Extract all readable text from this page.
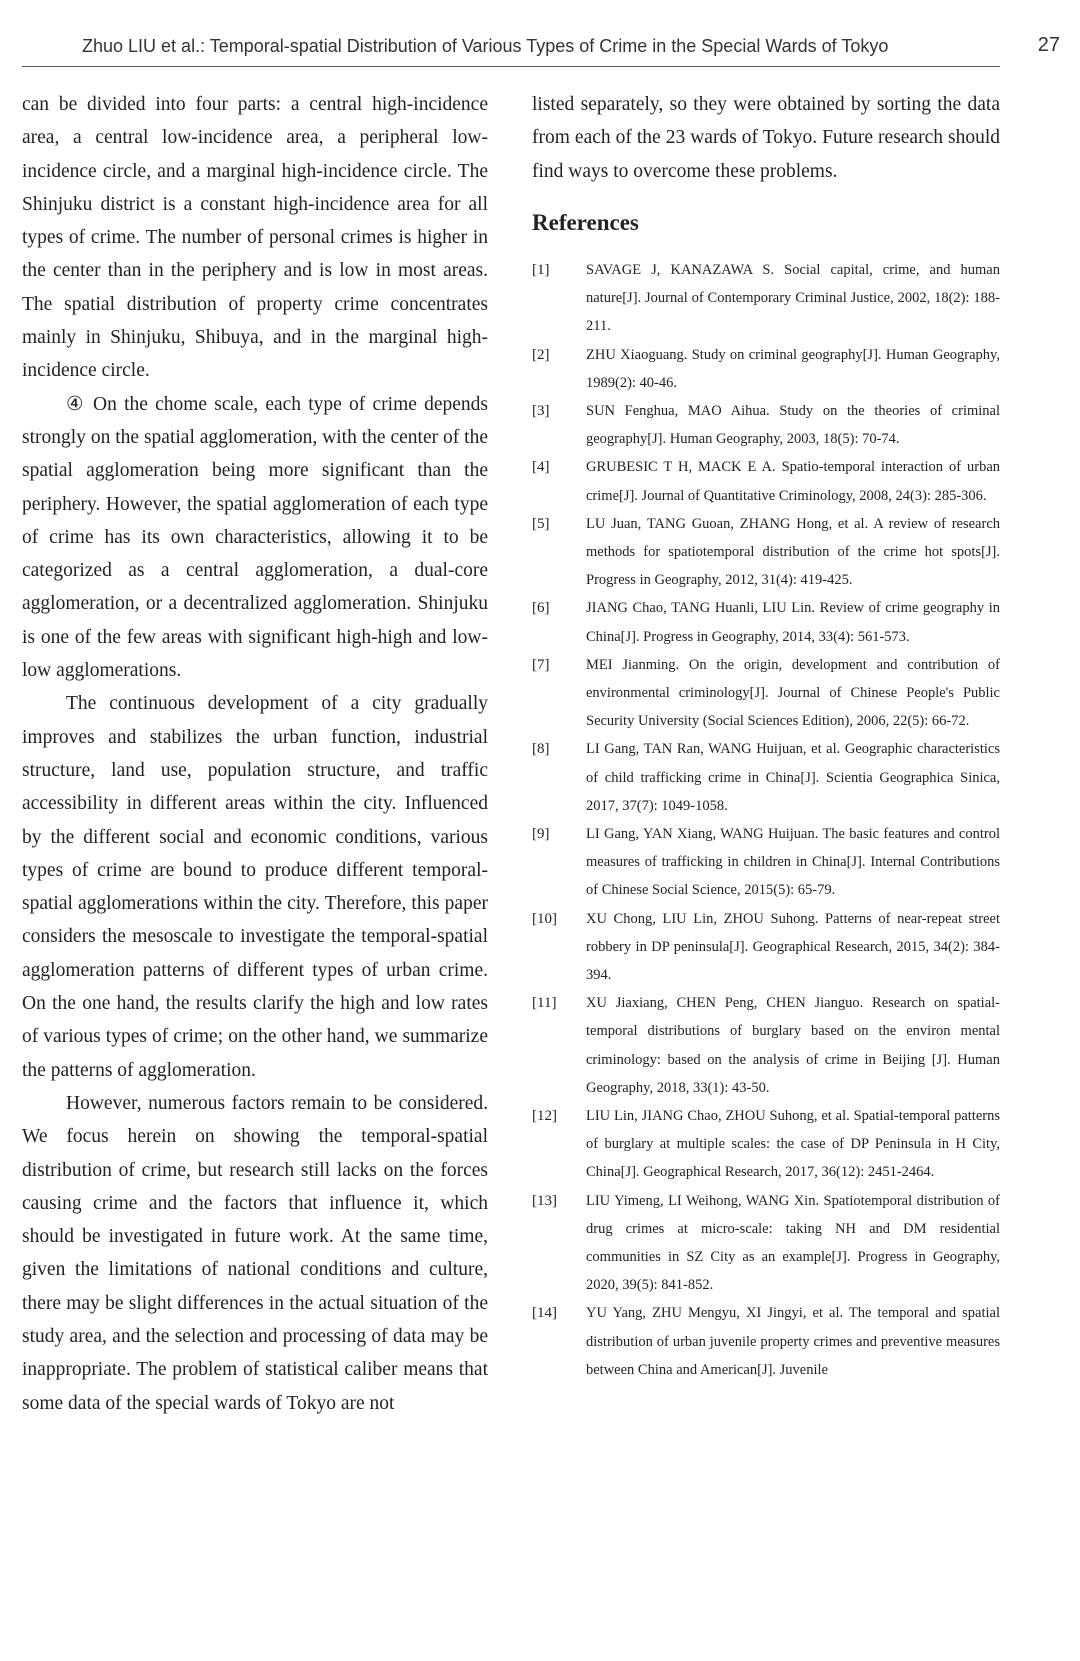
Zhuo LIU et al.: Temporal-spatial Distribution of Various Types of Crime in the Special Wards of Tokyo	27

can be divided into four parts: a central high-incidence area, a central low-incidence area, a peripheral low-incidence circle, and a marginal high-incidence circle. The Shinjuku district is a constant high-incidence area for all types of crime. The number of personal crimes is higher in the center than in the periphery and is low in most areas. The spatial distribution of property crime concentrates mainly in Shinjuku, Shibuya, and in the marginal high-incidence circle.

④ On the chome scale, each type of crime depends strongly on the spatial agglomeration, with the center of the spatial agglomeration being more significant than the periphery. However, the spatial agglomeration of each type of crime has its own characteristics, allowing it to be categorized as a central agglomeration, a dual-core agglomeration, or a decentralized agglomeration. Shinjuku is one of the few areas with significant high-high and low-low agglomerations.

The continuous development of a city gradually improves and stabilizes the urban function, industrial structure, land use, population structure, and traffic accessibility in different areas within the city. Influenced by the different social and economic conditions, various types of crime are bound to produce different temporal-spatial agglomerations within the city. Therefore, this paper considers the mesoscale to investigate the temporal-spatial agglomeration patterns of different types of urban crime. On the one hand, the results clarify the high and low rates of various types of crime; on the other hand, we summarize the patterns of agglomeration.

However, numerous factors remain to be considered. We focus herein on showing the temporal-spatial distribution of crime, but research still lacks on the forces causing crime and the factors that influence it, which should be investigated in future work. At the same time, given the limitations of national conditions and culture, there may be slight differences in the actual situation of the study area, and the selection and processing of data may be inappropriate. The problem of statistical caliber means that some data of the special wards of Tokyo are not

listed separately, so they were obtained by sorting the data from each of the 23 wards of Tokyo. Future research should find ways to overcome these problems.

References
[1]	SAVAGE J, KANAZAWA S. Social capital, crime, and human nature[J]. Journal of Contemporary Criminal Justice, 2002, 18(2): 188-211.
[2]	ZHU Xiaoguang. Study on criminal geography[J]. Human Geography, 1989(2): 40-46.
[3]	SUN Fenghua, MAO Aihua. Study on the theories of criminal geography[J]. Human Geography, 2003, 18(5): 70-74.
[4]	GRUBESIC T H, MACK E A. Spatio-temporal interaction of urban crime[J]. Journal of Quantitative Criminology, 2008, 24(3): 285-306.
[5]	LU Juan, TANG Guoan, ZHANG Hong, et al. A review of research methods for spatiotemporal distribution of the crime hot spots[J]. Progress in Geography, 2012, 31(4): 419-425.
[6]	JIANG Chao, TANG Huanli, LIU Lin. Review of crime geography in China[J]. Progress in Geography, 2014, 33(4): 561-573.
[7]	MEI Jianming. On the origin, development and contribution of environmental criminology[J]. Journal of Chinese People's Public Security University (Social Sciences Edition), 2006, 22(5): 66-72.
[8]	LI Gang, TAN Ran, WANG Huijuan, et al. Geographic characteristics of child trafficking crime in China[J]. Scientia Geographica Sinica, 2017, 37(7): 1049-1058.
[9]	LI Gang, YAN Xiang, WANG Huijuan. The basic features and control measures of trafficking in children in China[J]. Internal Contributions of Chinese Social Science, 2015(5): 65-79.
[10]	XU Chong, LIU Lin, ZHOU Suhong. Patterns of near-repeat street robbery in DP peninsula[J]. Geographical Research, 2015, 34(2): 384-394.
[11]	XU Jiaxiang, CHEN Peng, CHEN Jianguo. Research on spatial-temporal distributions of burglary based on the environ mental criminology: based on the analysis of crime in Beijing [J]. Human Geography, 2018, 33(1): 43-50.
[12]	LIU Lin, JIANG Chao, ZHOU Suhong, et al. Spatial-temporal patterns of burglary at multiple scales: the case of DP Peninsula in H City, China[J]. Geographical Research, 2017, 36(12): 2451-2464.
[13]	LIU Yimeng, LI Weihong, WANG Xin. Spatiotemporal distribution of drug crimes at micro-scale: taking NH and DM residential communities in SZ City as an example[J]. Progress in Geography, 2020, 39(5): 841-852.
[14]	YU Yang, ZHU Mengyu, XI Jingyi, et al. The temporal and spatial distribution of urban juvenile property crimes and preventive measures between China and American[J]. Juvenile
